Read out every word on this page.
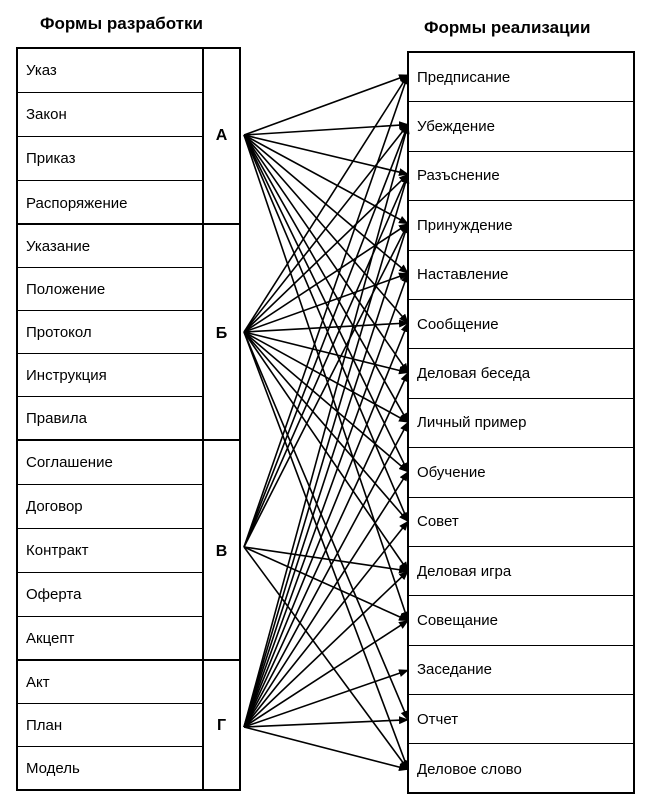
Формы разработки	Формы реализации
Указ
Закон
Приказ
Распоряжение
А
Указание
Положение
Протокол
Инструкция
Правила
Б
Соглашение
Договор
Контракт
Оферта
Акцепт
В
Акт
План
Модель
Г
Предписание
Убеждение
Разъснение
Принуждение
Наставление
Сообщение
Деловая беседа
Личный пример
Обучение
Совет
Деловая игра
Совещание
Заседание
Отчет
Деловое слово
